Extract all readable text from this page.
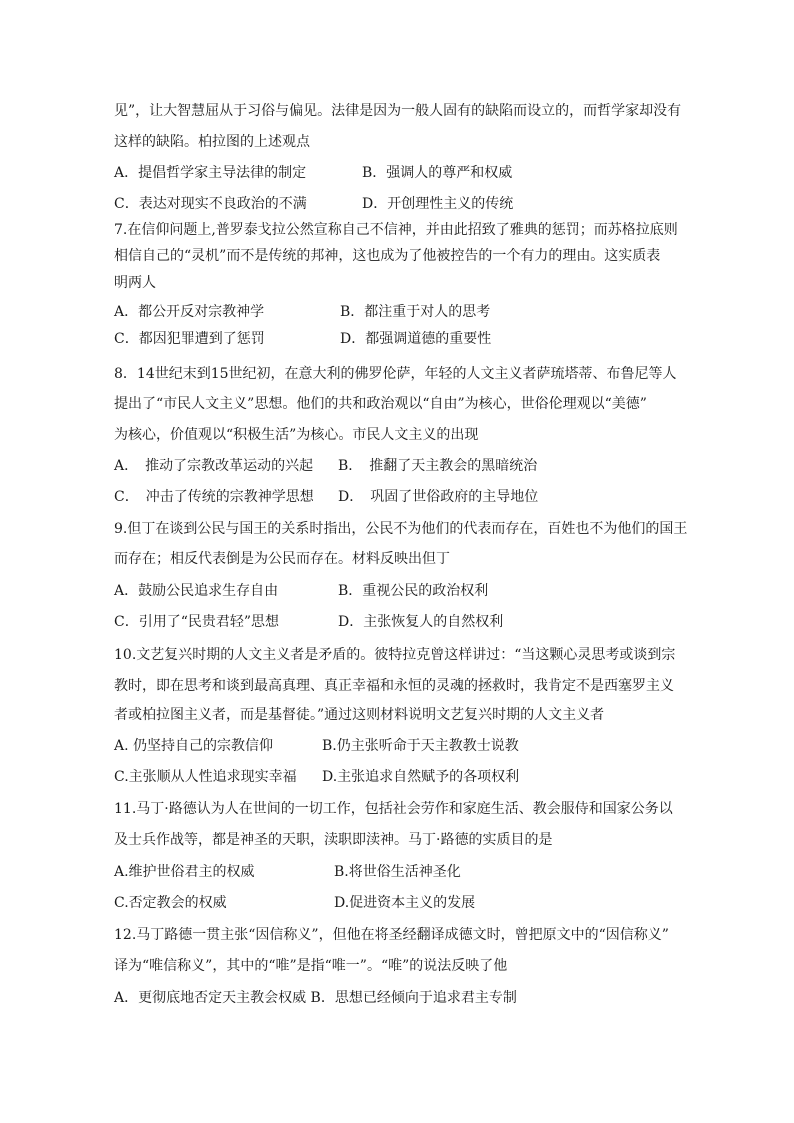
见”，让大智慧屈从于习俗与偏见。法律是因为一般人固有的缺陷而设立的，而哲学家却没有
这样的缺陷。柏拉图的上述观点
A．提倡哲学家主导法律的制定	B．强调人的尊严和权威
C．表达对现实不良政治的不满	D．开创理性主义的传统
7.在信仰问题上,普罗泰戈拉公然宣称自己不信神，并由此招致了雅典的惩罚；而苏格拉底则
相信自己的“灵机”而不是传统的邦神，这也成为了他被控告的一个有力的理由。这实质表
明两人
A．都公开反对宗教神学	B．都注重于对人的思考
C．都因犯罪遭到了惩罚	D．都强调道德的重要性
8．14世纪末到15世纪初，在意大利的佛罗伦萨，年轻的人文主义者萨琉塔蒂、布鲁尼等人
提出了“市民人文主义”思想。他们的共和政治观以“自由”为核心，世俗伦理观以“美德”
为核心，价值观以“积极生活”为核心。市民人文主义的出现
A．　推动了宗教改革运动的兴起 B．　推翻了天主教会的黑暗统治
C．　冲击了传统的宗教神学思想 D．　巩固了世俗政府的主导地位
9.但丁在谈到公民与国王的关系时指出，公民不为他们的代表而存在，百姓也不为他们的国王
而存在；相反代表倒是为公民而存在。材料反映出但丁
A．鼓励公民追求生存自由	B．重视公民的政治权利
C．引用了“民贵君轻”思想	D．主张恢复人的自然权利
10.文艺复兴时期的人文主义者是矛盾的。彼特拉克曾这样讲过：“当这颗心灵思考或谈到宗
教时，即在思考和谈到最高真理、真正幸福和永恒的灵魂的拯救时，我肯定不是西塞罗主义
者或柏拉图主义者，而是基督徒。”通过这则材料说明文艺复兴时期的人文主义者
A. 仍坚持自己的宗教信仰	B.仍主张听命于天主教教士说教
C.主张顺从人性追求现实幸福 D.主张追求自然赋予的各项权利
11.马丁·路德认为人在世间的一切工作，包括社会劳作和家庭生活、教会服侍和国家公务以
及士兵作战等，都是神圣的天职，渎职即渎神。马丁·路德的实质目的是
A.维护世俗君主的权威	B.将世俗生活神圣化
C.否定教会的权威	D.促进资本主义的发展
12.马丁路德一贯主张“因信称义”，但他在将圣经翻译成德文时，曾把原文中的“因信称义”
译为“唯信称义”，其中的“唯”是指“唯一”。“唯”的说法反映了他
A．更彻底地否定天主教会权威 B．思想已经倾向于追求君主专制
